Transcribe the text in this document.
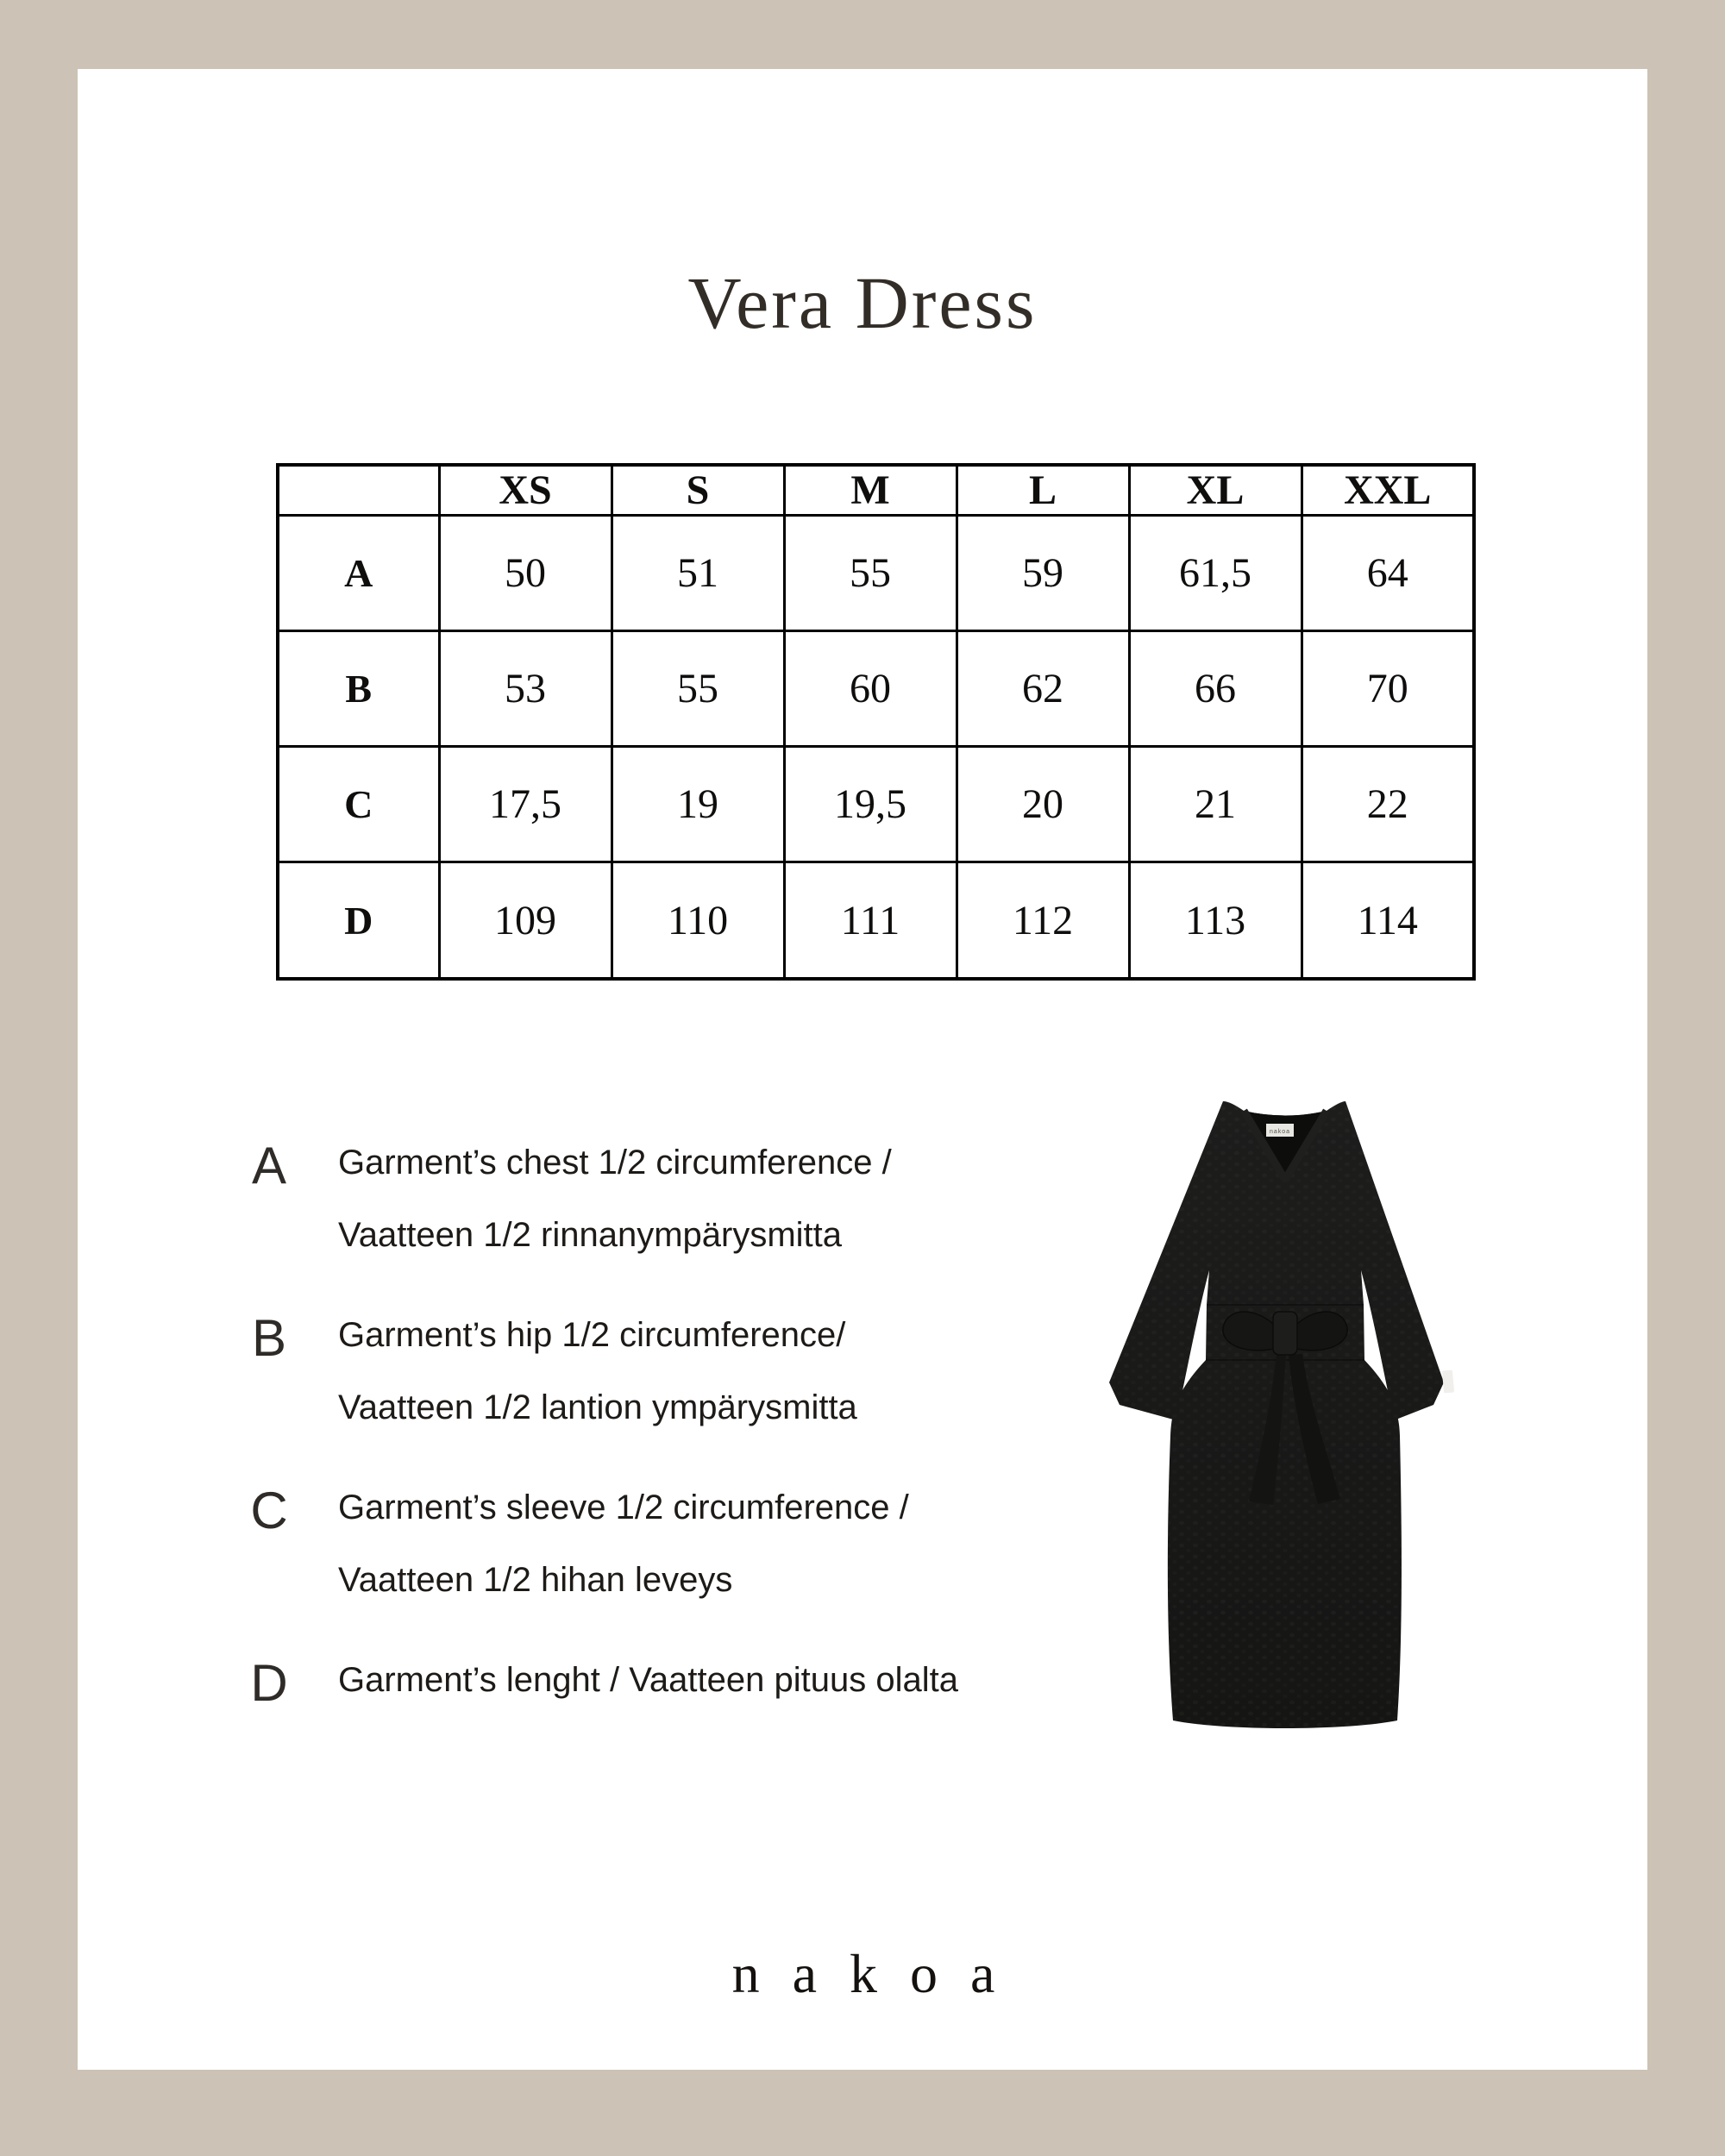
Vera Dress
	XS	S	M	L	XL	XXL
A	50	51	55	59	61,5	64
B	53	55	60	62	66	70
C	17,5	19	19,5	20	21	22
D	109	110	111	112	113	114
A	Garment’s chest 1/2 circumference /
Vaatteen 1/2 rinnanympärysmitta
B	Garment’s hip 1/2 circumference/
Vaatteen 1/2 lantion ympärysmitta
C	Garment’s sleeve 1/2 circumference /
Vaatteen 1/2 hihan leveys
D	Garment’s lenght / Vaatteen pituus olalta
nakoa
nakoa
